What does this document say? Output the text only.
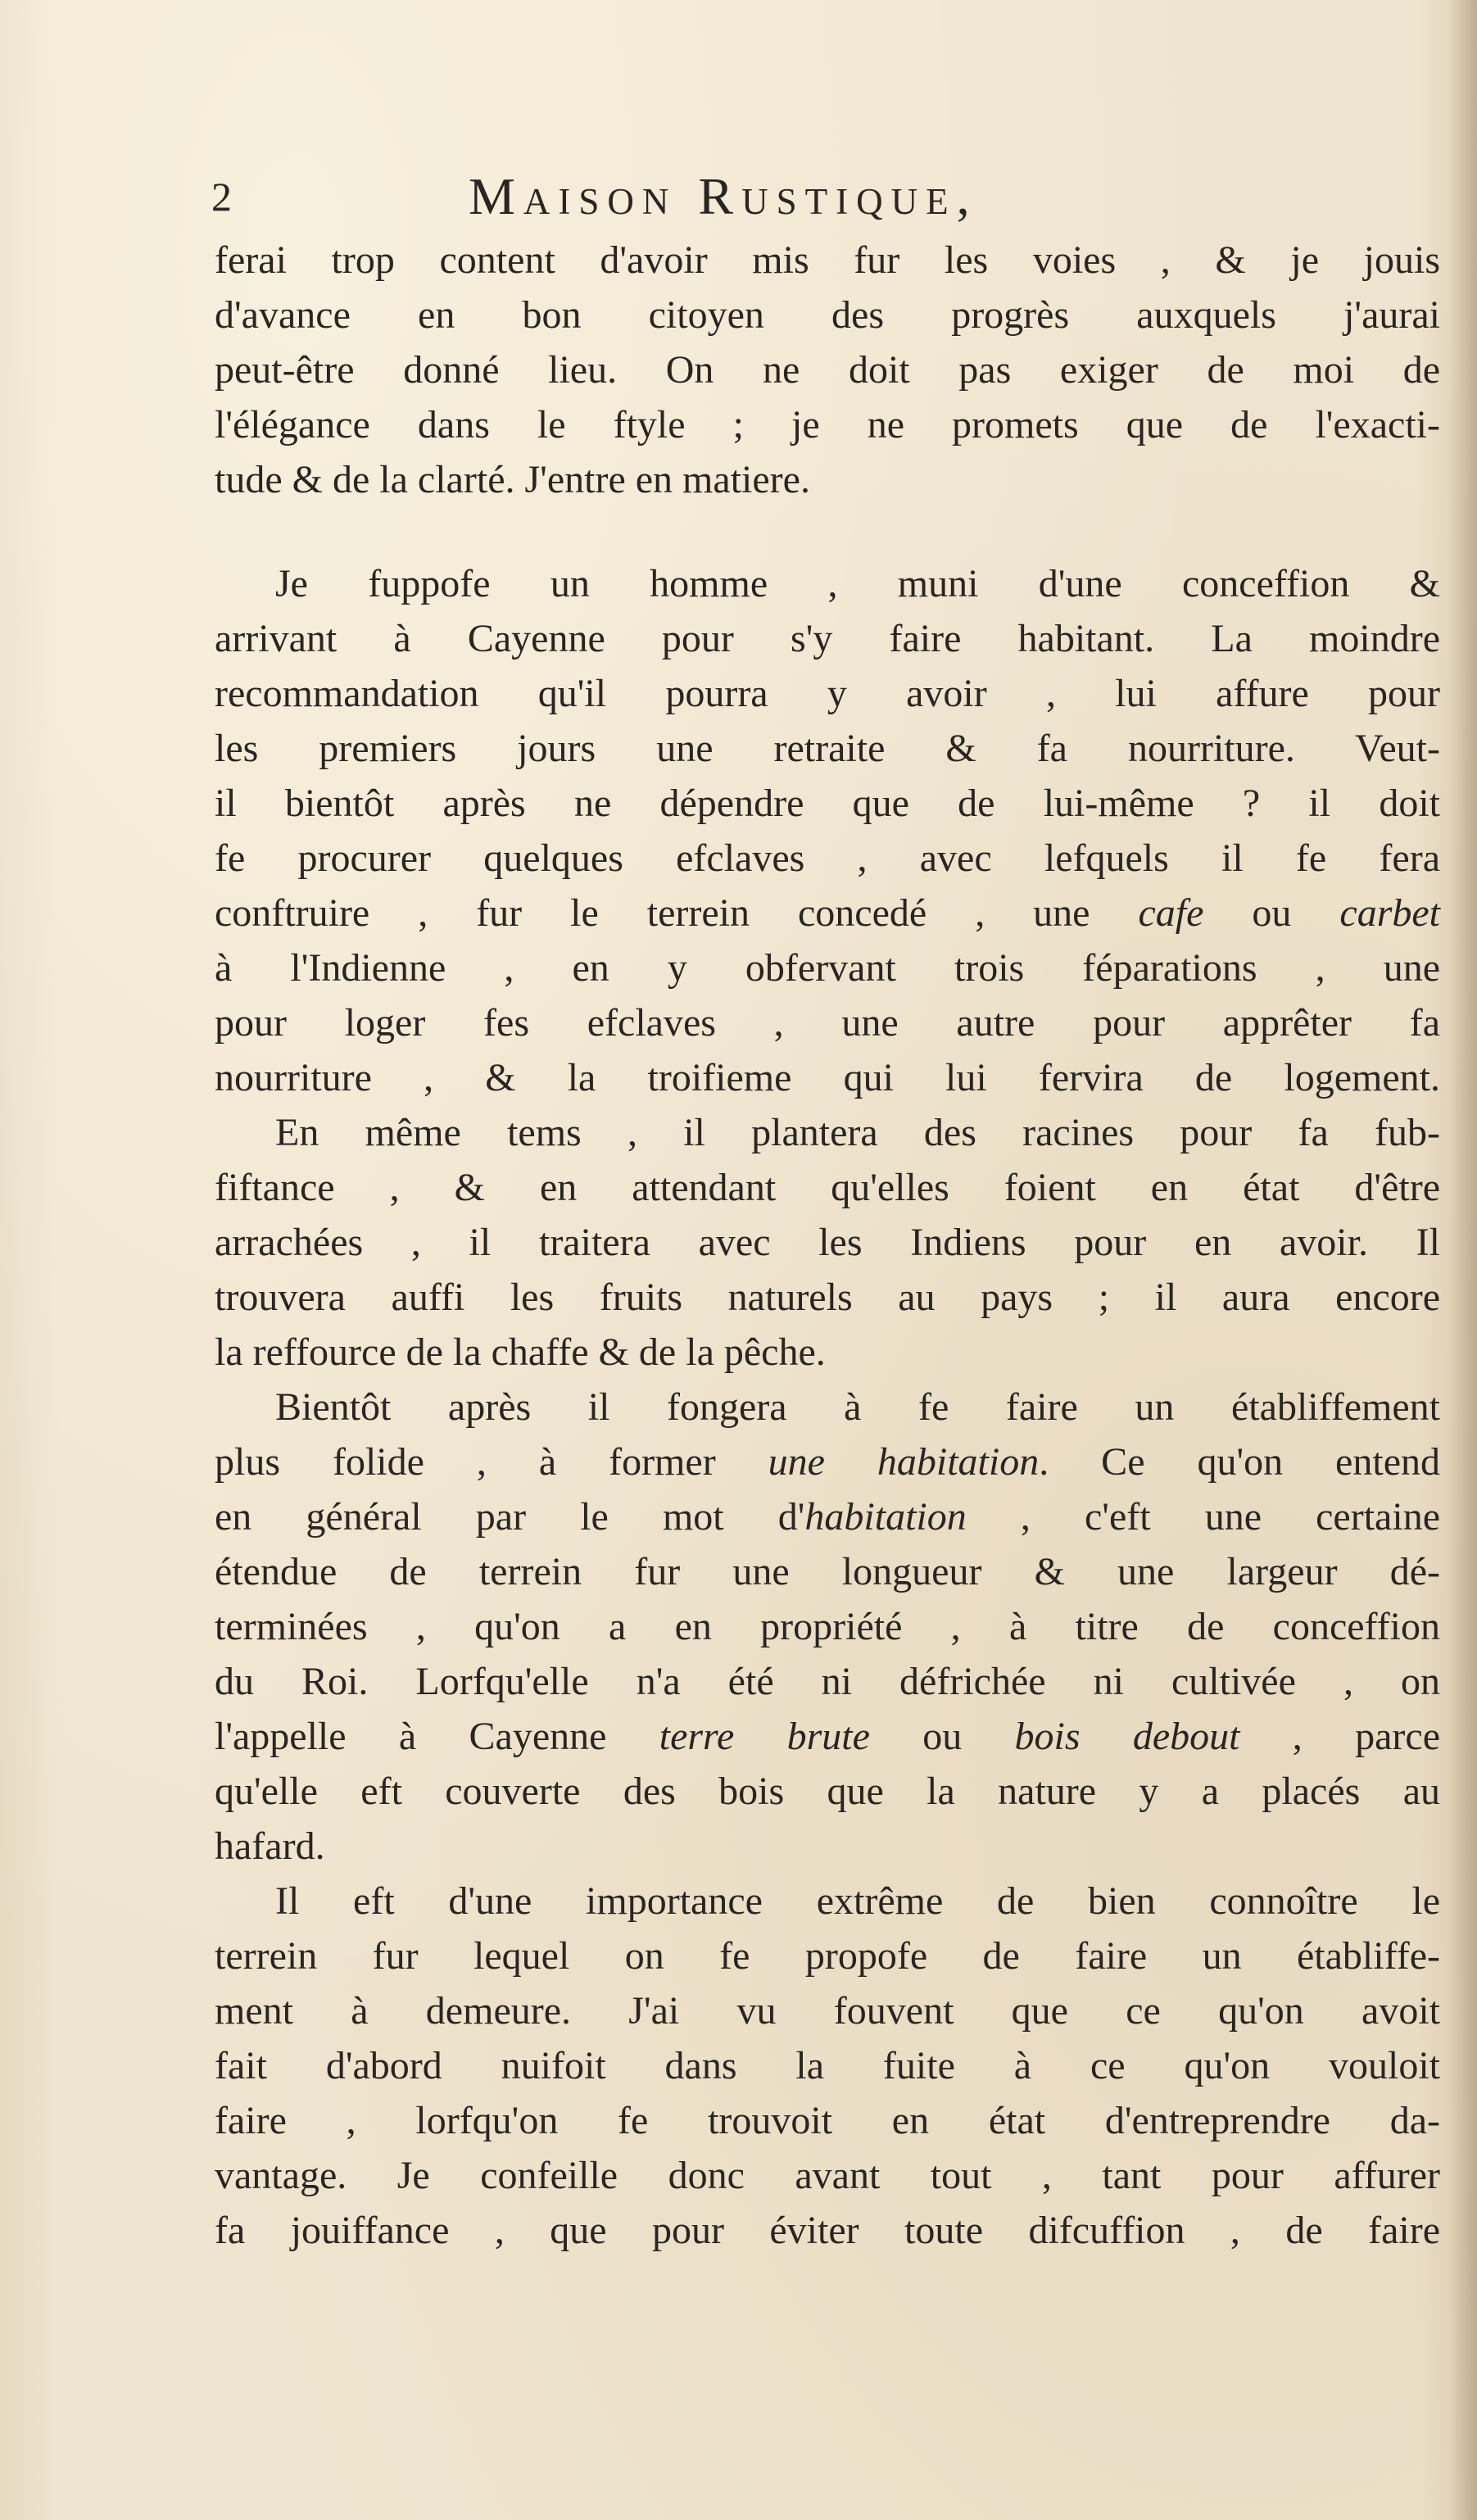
2	Maison Rustique,
ferai trop content d'avoir mis fur les voies , & je jouis
d'avance en bon citoyen des progrès auxquels j'aurai
peut-être donné lieu. On ne doit pas exiger de moi de
l'élégance dans le ftyle ; je ne promets que de l'exacti-
tude & de la clarté. J'entre en matiere.
Je fuppofe un homme , muni d'une conceffion &
arrivant à Cayenne pour s'y faire habitant. La moindre
recommandation qu'il pourra y avoir , lui affure pour
les premiers jours une retraite & fa nourriture. Veut-
il bientôt après ne dépendre que de lui-même ? il doit
fe procurer quelques efclaves , avec lefquels il fe fera
conftruire , fur le terrein concedé , une cafe ou carbet
à l'Indienne , en y obfervant trois féparations , une
pour loger fes efclaves , une autre pour apprêter fa
nourriture , & la troifieme qui lui fervira de logement.
En même tems , il plantera des racines pour fa fub-
fiftance , & en attendant qu'elles foient en état d'être
arrachées , il traitera avec les Indiens pour en avoir. Il
trouvera auffi les fruits naturels au pays ; il aura encore
la reffource de la chaffe & de la pêche.
Bientôt après il fongera à fe faire un établiffement
plus folide , à former une habitation. Ce qu'on entend
en général par le mot d'habitation , c'eft une certaine
étendue de terrein fur une longueur & une largeur dé-
terminées , qu'on a en propriété , à titre de conceffion
du Roi. Lorfqu'elle n'a été ni défrichée ni cultivée , on
l'appelle à Cayenne terre brute ou bois debout , parce
qu'elle eft couverte des bois que la nature y a placés au
hafard.
Il eft d'une importance extrême de bien connoître le
terrein fur lequel on fe propofe de faire un établiffe-
ment à demeure. J'ai vu fouvent que ce qu'on avoit
fait d'abord nuifoit dans la fuite à ce qu'on vouloit
faire , lorfqu'on fe trouvoit en état d'entreprendre da-
vantage. Je confeille donc avant tout , tant pour affurer
fa jouiffance , que pour éviter toute difcuffion , de faire
